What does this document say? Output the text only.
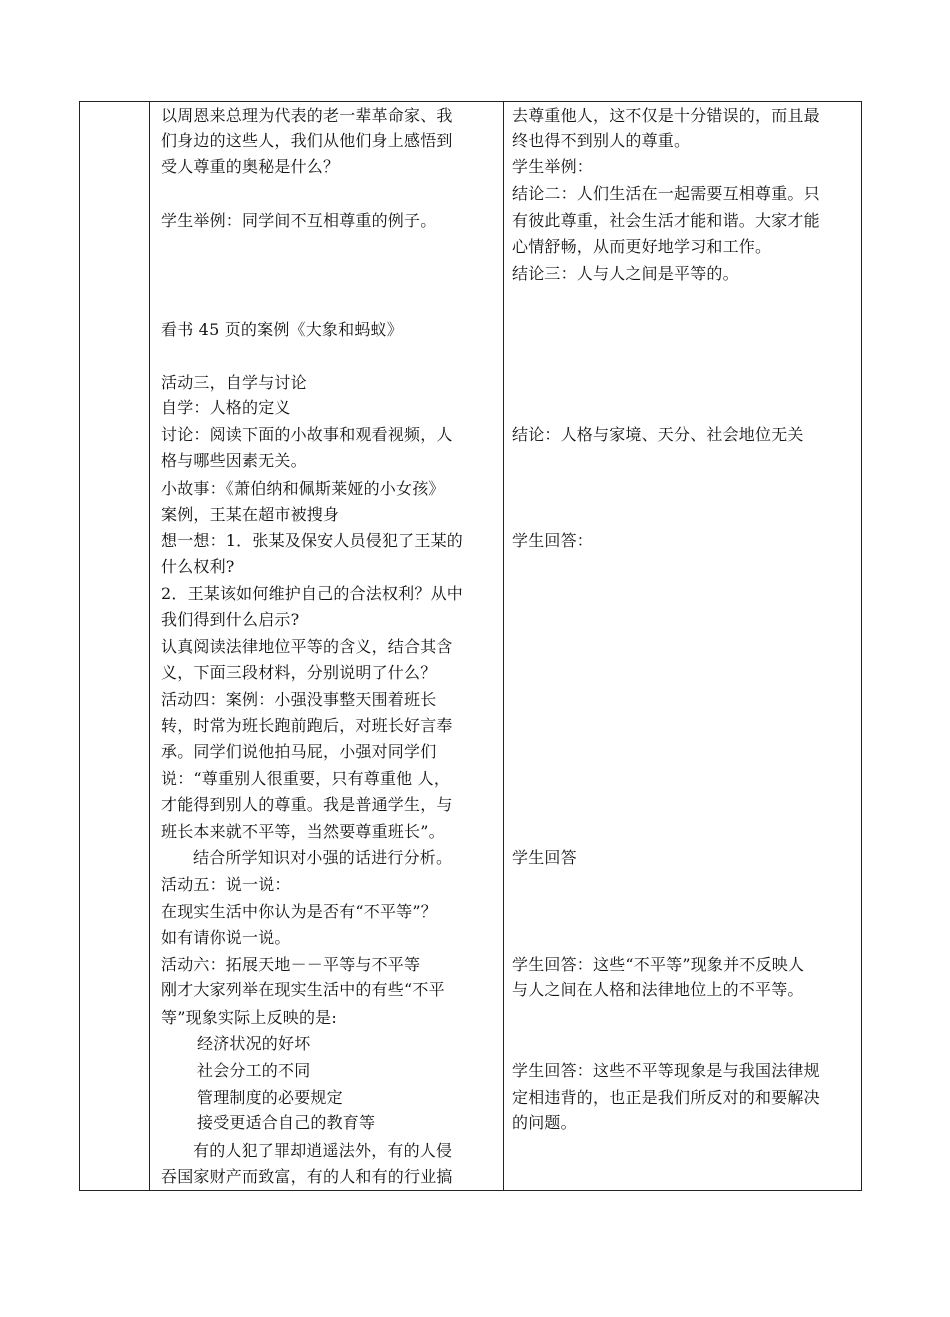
以周恩来总理为代表的老一辈革命家、我
们身边的这些人，我们从他们身上感悟到
受人尊重的奥秘是什么？
学生举例：同学间不互相尊重的例子。
看书 45 页的案例《大象和蚂蚁》
活动三，自学与讨论
自学：人格的定义
讨论：阅读下面的小故事和观看视频，人
格与哪些因素无关。
小故事：《萧伯纳和佩斯莱娅的小女孩》
案例，王某在超市被搜身
想一想：1．张某及保安人员侵犯了王某的
什么权利?
2．王某该如何维护自己的合法权利？从中
我们得到什么启示?
认真阅读法律地位平等的含义，结合其含
义，下面三段材料，分别说明了什么？
活动四：案例：小强没事整天围着班长
转，时常为班长跑前跑后，对班长好言奉
承。同学们说他拍马屁，小强对同学们
说：“尊重别人很重要，只有尊重他 人，
才能得到别人的尊重。我是普通学生，与
班长本来就不平等，当然要尊重班长”。
结合所学知识对小强的话进行分析。
活动五：说一说：
在现实生活中你认为是否有“不平等”？
如有请你说一说。
活动六：拓展天地－－平等与不平等
刚才大家列举在现实生活中的有些“不平
等”现象实际上反映的是:
经济状况的好坏
社会分工的不同
管理制度的必要规定
接受更适合自己的教育等
有的人犯了罪却逍遥法外，有的人侵
吞国家财产而致富，有的人和有的行业搞
去尊重他人，这不仅是十分错误的，而且最
终也得不到别人的尊重。
学生举例：
结论二：人们生活在一起需要互相尊重。只
有彼此尊重，社会生活才能和谐。大家才能
心情舒畅，从而更好地学习和工作。
结论三：人与人之间是平等的。
结论：人格与家境、天分、社会地位无关
学生回答：
学生回答
学生回答：这些“不平等”现象并不反映人
与人之间在人格和法律地位上的不平等。
学生回答：这些不平等现象是与我国法律规
定相违背的，也正是我们所反对的和要解决
的问题。
